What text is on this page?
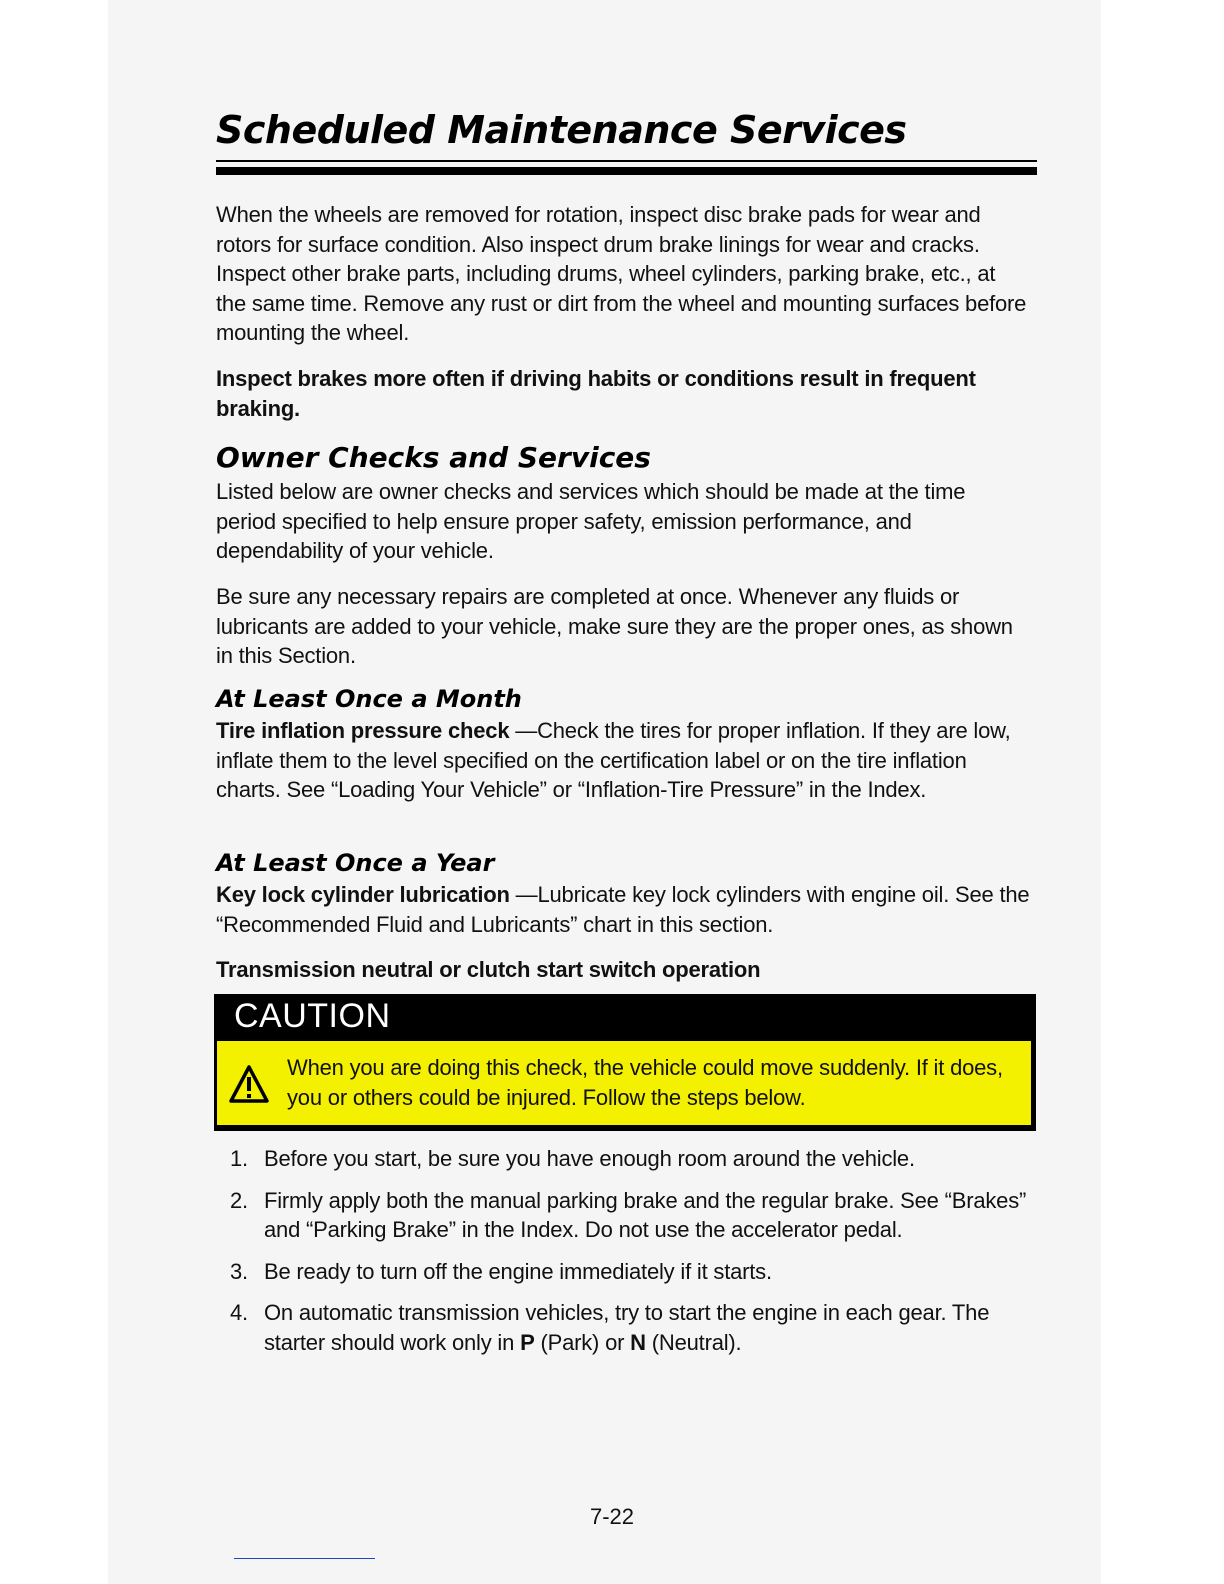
Scheduled Maintenance Services

When the wheels are removed for rotation, inspect disc brake pads for wear and rotors for surface condition. Also inspect drum brake linings for wear and cracks. Inspect other brake parts, including drums, wheel cylinders, parking brake, etc., at the same time. Remove any rust or dirt from the wheel and mounting surfaces before mounting the wheel.

Inspect brakes more often if driving habits or conditions result in frequent braking.

Owner Checks and Services

Listed below are owner checks and services which should be made at the time period specified to help ensure proper safety, emission performance, and dependability of your vehicle.

Be sure any necessary repairs are completed at once. Whenever any fluids or lubricants are added to your vehicle, make sure they are the proper ones, as shown in this Section.

At Least Once a Month

Tire inflation pressure check —Check the tires for proper inflation. If they are low, inflate them to the level specified on the certification label or on the tire inflation charts. See “Loading Your Vehicle” or “Inflation-Tire Pressure” in the Index.

At Least Once a Year

Key lock cylinder lubrication —Lubricate key lock cylinders with engine oil. See the “Recommended Fluid and Lubricants” chart in this section.

Transmission neutral or clutch start switch operation

CAUTION

When you are doing this check, the vehicle could move suddenly. If it does, you or others could be injured. Follow the steps below.

1. Before you start, be sure you have enough room around the vehicle.
2. Firmly apply both the manual parking brake and the regular brake. See “Brakes” and “Parking Brake” in the Index. Do not use the accelerator pedal.
3. Be ready to turn off the engine immediately if it starts.
4. On automatic transmission vehicles, try to start the engine in each gear. The starter should work only in P (Park) or N (Neutral).

7-22
